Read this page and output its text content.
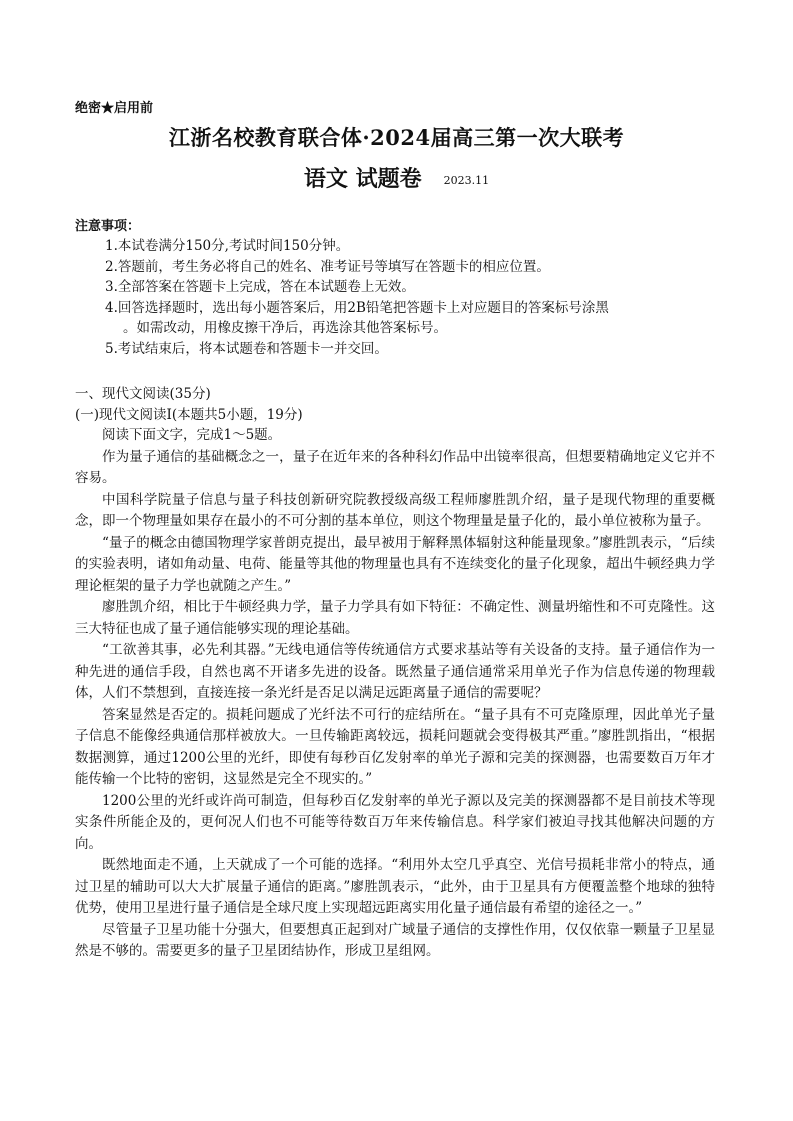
绝密★启用前
江浙名校教育联合体·2024届高三第一次大联考
语文 试题卷 2023.11
注意事项：
1.本试卷满分150分,考试时间150分钟。
2.答题前，考生务必将自己的姓名、准考证号等填写在答题卡的相应位置。
3.全部答案在答题卡上完成，答在本试题卷上无效。
4.回答选择题时，选出每小题答案后，用2B铅笔把答题卡上对应题目的答案标号涂黑
。如需改动，用橡皮擦干净后，再选涂其他答案标号。
5.考试结束后，将本试题卷和答题卡一并交回。

一、现代文阅读(35分)

(一)现代文阅读Ⅰ(本题共5小题，19分)

阅读下面文字，完成1～5题。

作为量子通信的基础概念之一，量子在近年来的各种科幻作品中出镜率很高，但想要精确地定义它并不容易。

中国科学院量子信息与量子科技创新研究院教授级高级工程师廖胜凯介绍，量子是现代物理的重要概念，即一个物理量如果存在最小的不可分割的基本单位，则这个物理量是量子化的，最小单位被称为量子。

“量子的概念由德国物理学家普朗克提出，最早被用于解释黑体辐射这种能量现象。”廖胜凯表示，“后续的实验表明，诸如角动量、电荷、能量等其他的物理量也具有不连续变化的量子化现象，超出牛顿经典力学理论框架的量子力学也就随之产生。”

廖胜凯介绍，相比于牛顿经典力学，量子力学具有如下特征：不确定性、测量坍缩性和不可克隆性。这三大特征也成了量子通信能够实现的理论基础。

“工欲善其事，必先利其器。”无线电通信等传统通信方式要求基站等有关设备的支持。量子通信作为一种先进的通信手段，自然也离不开诸多先进的设备。既然量子通信通常采用单光子作为信息传递的物理载体，人们不禁想到，直接连接一条光纤是否足以满足远距离量子通信的需要呢？

答案显然是否定的。损耗问题成了光纤法不可行的症结所在。“量子具有不可克隆原理，因此单光子量子信息不能像经典通信那样被放大。一旦传输距离较远，损耗问题就会变得极其严重。”廖胜凯指出，“根据数据测算，通过1200公里的光纤，即使有每秒百亿发射率的单光子源和完美的探测器，也需要数百万年才能传输一个比特的密钥，这显然是完全不现实的。”

1200公里的光纤或许尚可制造，但每秒百亿发射率的单光子源以及完美的探测器都不是目前技术等现实条件所能企及的，更何况人们也不可能等待数百万年来传输信息。科学家们被迫寻找其他解决问题的方向。

既然地面走不通，上天就成了一个可能的选择。“利用外太空几乎真空、光信号损耗非常小的特点，通过卫星的辅助可以大大扩展量子通信的距离。”廖胜凯表示，“此外，由于卫星具有方便覆盖整个地球的独特优势，使用卫星进行量子通信是全球尺度上实现超远距离实用化量子通信最有希望的途径之一。”

尽管量子卫星功能十分强大，但要想真正起到对广域量子通信的支撑性作用，仅仅依靠一颗量子卫星显然是不够的。需要更多的量子卫星团结协作，形成卫星组网。
